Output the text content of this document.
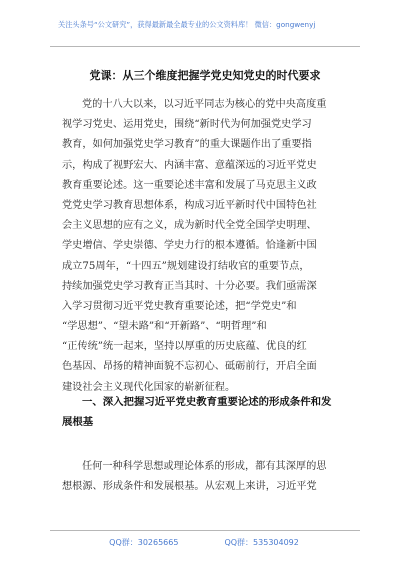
关注头条号“公文研究”，获得最新最全最专业的公文资料库！ 微信：gongwenyj
党课：从三个维度把握学党史知党史的时代要求
党的十八大以来，以习近平同志为核心的党中央高度重
视学习党史、运用党史，围绕“新时代为何加强党史学习
教育，如何加强党史学习教育”的重大课题作出了重要指
示，构成了视野宏大、内涵丰富、意蕴深远的习近平党史
教育重要论述。这一重要论述丰富和发展了马克思主义政
党党史学习教育思想体系，构成习近平新时代中国特色社
会主义思想的应有之义，成为新时代全党全国学史明理、
学史增信、学史崇德、学史力行的根本遵循。恰逢新中国
成立75周年，“十四五”规划建设打结收官的重要节点，
持续加强党史学习教育正当其时、十分必要。我们亟需深
入学习贯彻习近平党史教育重要论述，把“学党史”和
“学思想”、“望未路”和“开新路”、“明哲理”和
“正传统”统一起来，坚持以厚重的历史底蕴、优良的红
色基因、昂扬的精神面貌不忘初心、砥砺前行，开启全面
建设社会主义现代化国家的崭新征程。
一、深入把握习近平党史教育重要论述的形成条件和发
展根基
任何一种科学思想或理论体系的形成，都有其深厚的思
想根源、形成条件和发展根基。从宏观上来讲，习近平党
QQ群：30265665	QQ群：535304092
